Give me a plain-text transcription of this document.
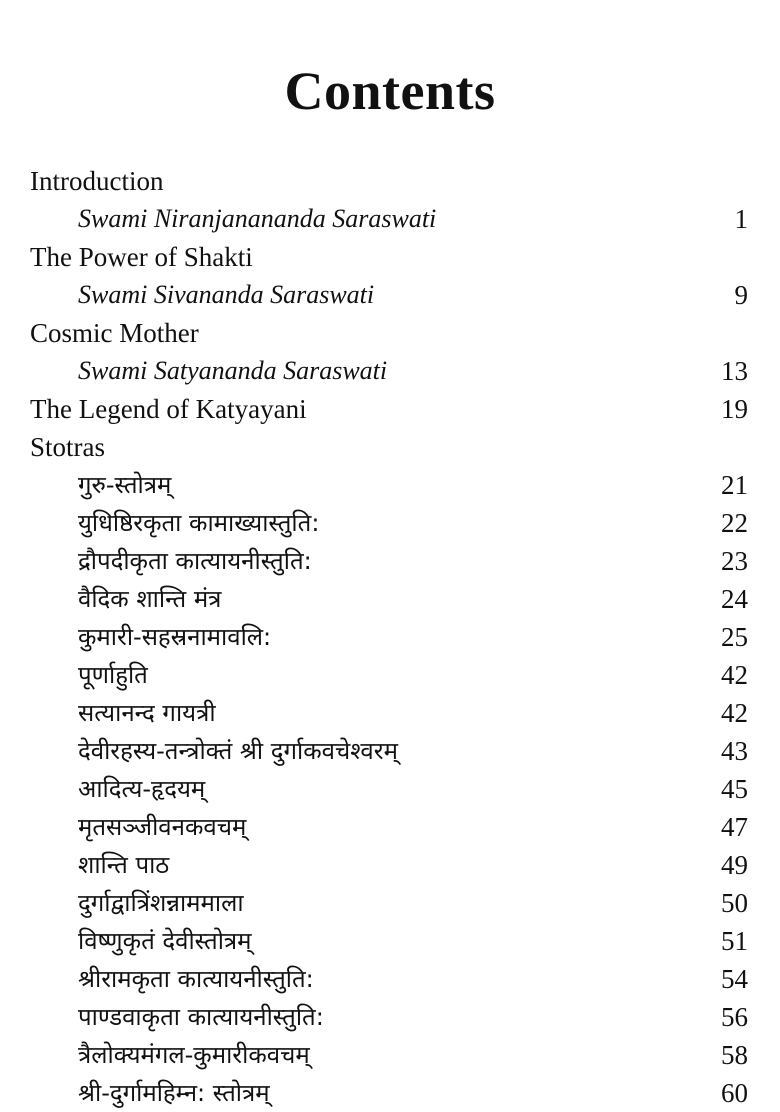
Contents
Introduction
Swami Niranjanananda Saraswati	1
The Power of Shakti
Swami Sivananda Saraswati	9
Cosmic Mother
Swami Satyananda Saraswati	13
The Legend of Katyayani	19
Stotras
गुरु-स्तोत्रम्	21
युधिष्ठिरकृता कामाख्यास्तुति:	22
द्रौपदीकृता कात्यायनीस्तुति:	23
वैदिक शान्ति मंत्र	24
कुमारी-सहस्रनामावलि:	25
पूर्णाहुति	42
सत्यानन्द गायत्री	42
देवीरहस्य-तन्त्रोक्तं श्री दुर्गाकवचेश्वरम्	43
आदित्य-हृदयम्	45
मृतसञ्जीवनकवचम्	47
शान्ति पाठ	49
दुर्गाद्वात्रिंशन्नाममाला	50
विष्णुकृतं देवीस्तोत्रम्	51
श्रीरामकृता कात्यायनीस्तुति:	54
पाण्डवाकृता कात्यायनीस्तुति:	56
त्रैलोक्यमंगल-कुमारीकवचम्	58
श्री-दुर्गामहिम्न: स्तोत्रम्	60
